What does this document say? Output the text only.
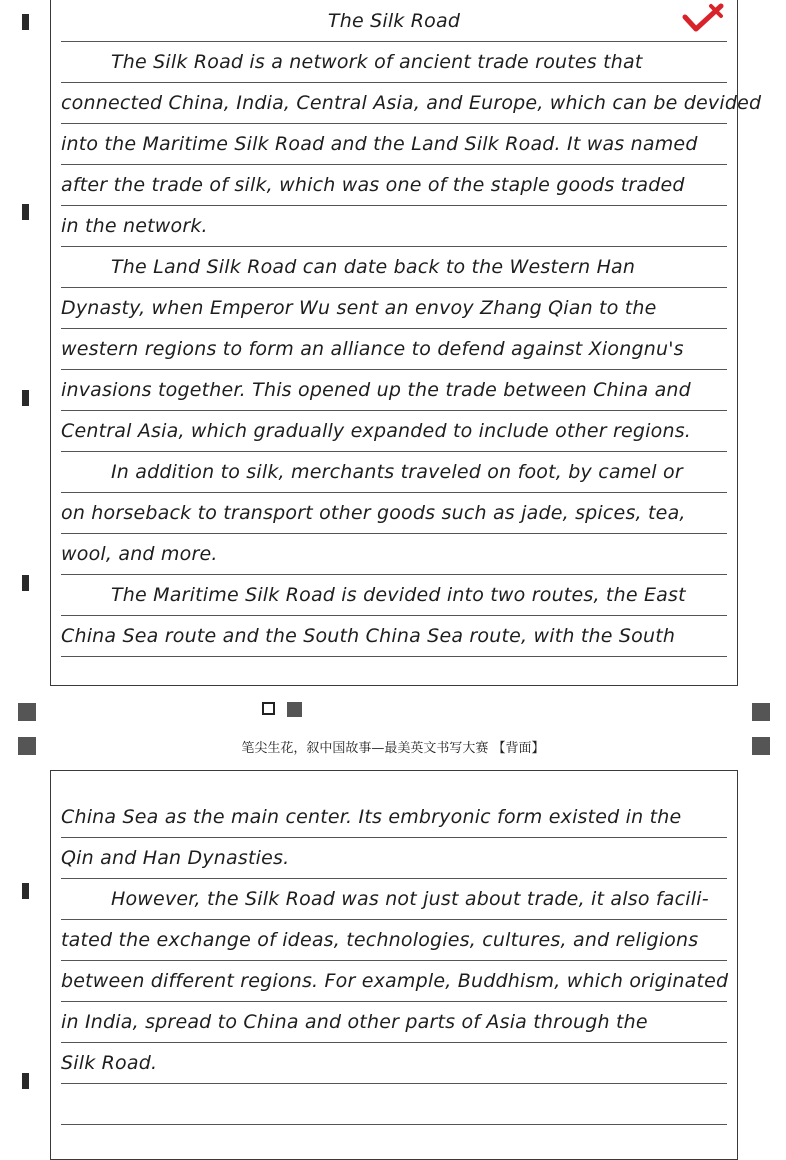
The Silk Road
The Silk Road is a network of ancient trade routes that
connected China, India, Central Asia, and Europe, which can be devided
into the Maritime Silk Road and the Land Silk Road. It was named
after the trade of silk, which was one of the staple goods traded
in the network.
The Land Silk Road can date back to the Western Han
Dynasty, when Emperor Wu sent an envoy Zhang Qian to the
western regions to form an alliance to defend against Xiongnu's
invasions together. This opened up the trade between China and
Central Asia, which gradually expanded to include other regions.
In addition to silk, merchants traveled on foot, by camel or
on horseback to transport other goods such as jade, spices, tea,
wool, and more.
The Maritime Silk Road is devided into two routes, the East
China Sea route and the South China Sea route, with the South
笔尖生花，叙中国故事—最美英文书写大赛 【背面】
China Sea as the main center. Its embryonic form existed in the
Qin and Han Dynasties.
However, the Silk Road was not just about trade, it also facili-
tated the exchange of ideas, technologies, cultures, and religions
between different regions. For example, Buddhism, which originated
in India, spread to China and other parts of Asia through the
Silk Road.
